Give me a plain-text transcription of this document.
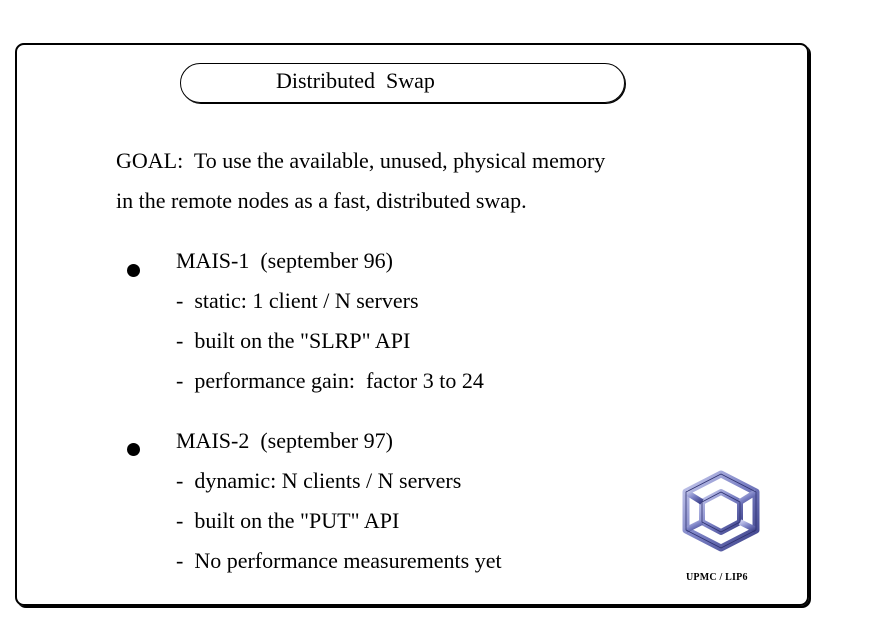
Distributed  Swap
GOAL:  To use the available, unused, physical memory
in the remote nodes as a fast, distributed swap.
MAIS-1  (september 96)
-  static: 1 client / N servers
-  built on the "SLRP" API
-  performance gain:  factor 3 to 24
MAIS-2  (september 97)
-  dynamic: N clients / N servers
-  built on the "PUT" API
-  No performance measurements yet
UPMC / LIP6
